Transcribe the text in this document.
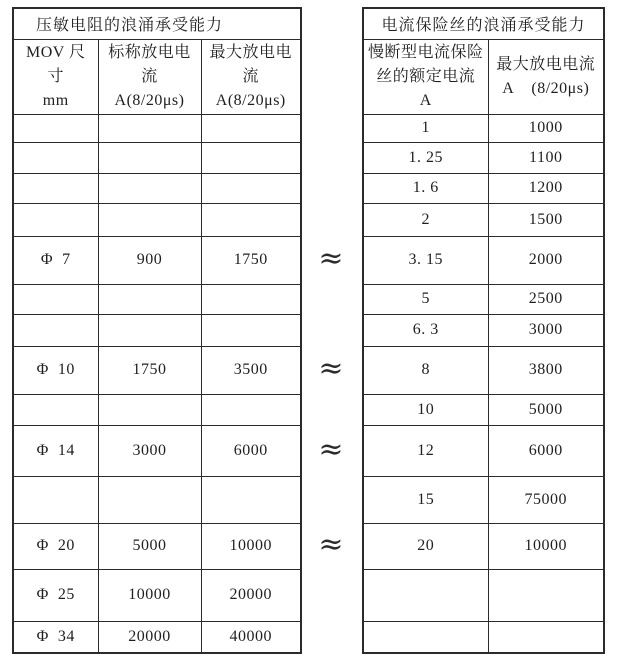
压敏电阻的浪涌承受能力		

MOV 尺
寸
mm

标称放电电
流
A(8/20μs)

最大放电电
流
A(8/20μs)

Φ  7	900	1750

Φ  10	1750	3500

Φ  14	3000	6000

Φ  20	5000	10000
Φ  25	10000	20000
Φ  34	20000	40000
≈
≈
≈
≈
电流保险丝的浪涌承受能力	

慢断型电流保险
丝的额定电流
A

最大放电电流
A    (8/20μs)

1	1000
1. 25	1100
1. 6	1200
2	1500
3. 15	2000
5	2500
6. 3	3000
8	3800
10	5000
12	6000
15	75000
20	10000
